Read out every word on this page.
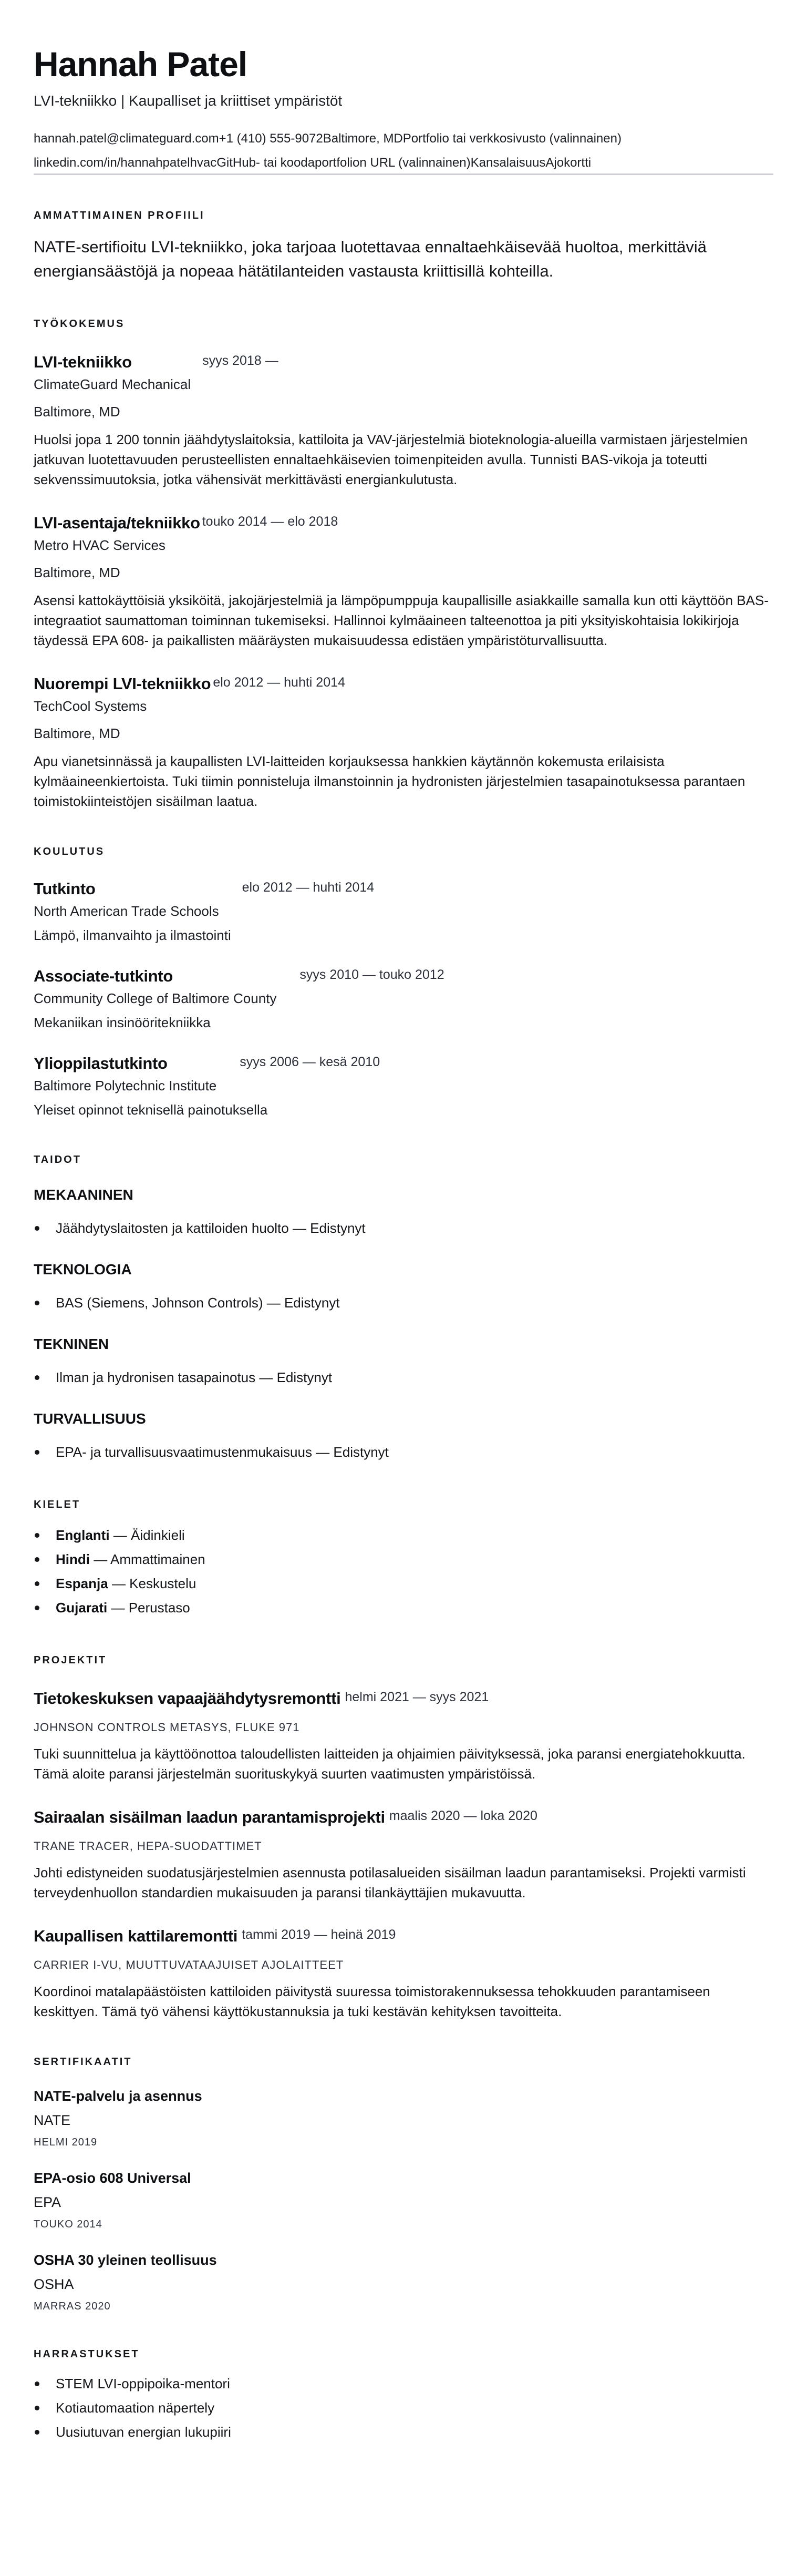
Hannah Patel
LVI-tekniikko | Kaupalliset ja kriittiset ympäristöt
hannah.patel@climateguard.com+1 (410) 555-9072Baltimore, MDPortfolio tai verkkosivusto (valinnainen)
linkedin.com/in/hannahpatelhvacGitHub- tai koodaportfolion URL (valinnainen)KansalaisuusAjokortti
AMMATTIMAINEN PROFIILI

NATE-sertifioitu LVI-tekniikko, joka tarjoaa luotettavaa ennaltaehkäisevää huoltoa, merkittäviä energiansäästöjä ja nopeaa hätätilanteiden vastausta kriittisillä kohteilla.

TYÖKOKEMUS
LVI-tekniikko
ClimateGuard Mechanical
syys 2018 —
Baltimore, MD

Huolsi jopa 1 200 tonnin jäähdytyslaitoksia, kattiloita ja VAV-järjestelmiä bioteknologia-alueilla varmistaen järjestelmien jatkuvan luotettavuuden perusteellisten ennaltaehkäisevien toimenpiteiden avulla. Tunnisti BAS-vikoja ja toteutti sekvenssimuutoksia, jotka vähensivät merkittävästi energiankulutusta.

LVI-asentaja/tekniikko
Metro HVAC Services
touko 2014 — elo 2018
Baltimore, MD

Asensi kattokäyttöisiä yksiköitä, jakojärjestelmiä ja lämpöpumppuja kaupallisille asiakkaille samalla kun otti käyttöön BAS-integraatiot saumattoman toiminnan tukemiseksi. Hallinnoi kylmäaineen talteenottoa ja piti yksityiskohtaisia lokikirjoja täydessä EPA 608- ja paikallisten määräysten mukaisuudessa edistäen ympäristöturvallisuutta.

Nuorempi LVI-tekniikko
TechCool Systems
elo 2012 — huhti 2014
Baltimore, MD

Apu vianetsinnässä ja kaupallisten LVI-laitteiden korjauksessa hankkien käytännön kokemusta erilaisista kylmäaineenkiertoista. Tuki tiimin ponnisteluja ilmanstoinnin ja hydronisten järjestelmien tasapainotuksessa parantaen toimistokiinteistöjen sisäilman laatua.

KOULUTUS
Tutkinto
North American Trade Schools
elo 2012 — huhti 2014
Lämpö, ilmanvaihto ja ilmastointi
Associate-tutkinto
Community College of Baltimore County
syys 2010 — touko 2012
Mekaniikan insinööritekniikka
Ylioppilastutkinto
Baltimore Polytechnic Institute
syys 2006 — kesä 2010
Yleiset opinnot teknisellä painotuksella
TAIDOT
MEKAANINEN
Jäähdytyslaitosten ja kattiloiden huolto — Edistynyt
TEKNOLOGIA
BAS (Siemens, Johnson Controls) — Edistynyt
TEKNINEN
Ilman ja hydronisen tasapainotus — Edistynyt
TURVALLISUUS
EPA- ja turvallisuusvaatimustenmukaisuus — Edistynyt
KIELET
Englanti — Äidinkieli
Hindi — Ammattimainen
Espanja — Keskustelu
Gujarati — Perustaso
PROJEKTIT
Tietokeskuksen vapaajäähdytysremontti helmi 2021 — syys 2021
JOHNSON CONTROLS METASYS, FLUKE 971

Tuki suunnittelua ja käyttöönottoa taloudellisten laitteiden ja ohjaimien päivityksessä, joka paransi energiatehokkuutta. Tämä aloite paransi järjestelmän suorituskykyä suurten vaatimusten ympäristöissä.

Sairaalan sisäilman laadun parantamisprojekti maalis 2020 — loka 2020
TRANE TRACER, HEPA-SUODATTIMET

Johti edistyneiden suodatusjärjestelmien asennusta potilasalueiden sisäilman laadun parantamiseksi. Projekti varmisti terveydenhuollon standardien mukaisuuden ja paransi tilankäyttäjien mukavuutta.

Kaupallisen kattilaremontti tammi 2019 — heinä 2019
CARRIER I-VU, MUUTTUVATAAJUISET AJOLAITTEET

Koordinoi matalapäästöisten kattiloiden päivitystä suuressa toimistorakennuksessa tehokkuuden parantamiseen keskittyen. Tämä työ vähensi käyttökustannuksia ja tuki kestävän kehityksen tavoitteita.

SERTIFIKAATIT
NATE-palvelu ja asennus
NATE
HELMI 2019
EPA-osio 608 Universal
EPA
TOUKO 2014
OSHA 30 yleinen teollisuus
OSHA
MARRAS 2020
HARRASTUKSET
STEM LVI-oppipoika-mentori
Kotiautomaation näpertely
Uusiutuvan energian lukupiiri
